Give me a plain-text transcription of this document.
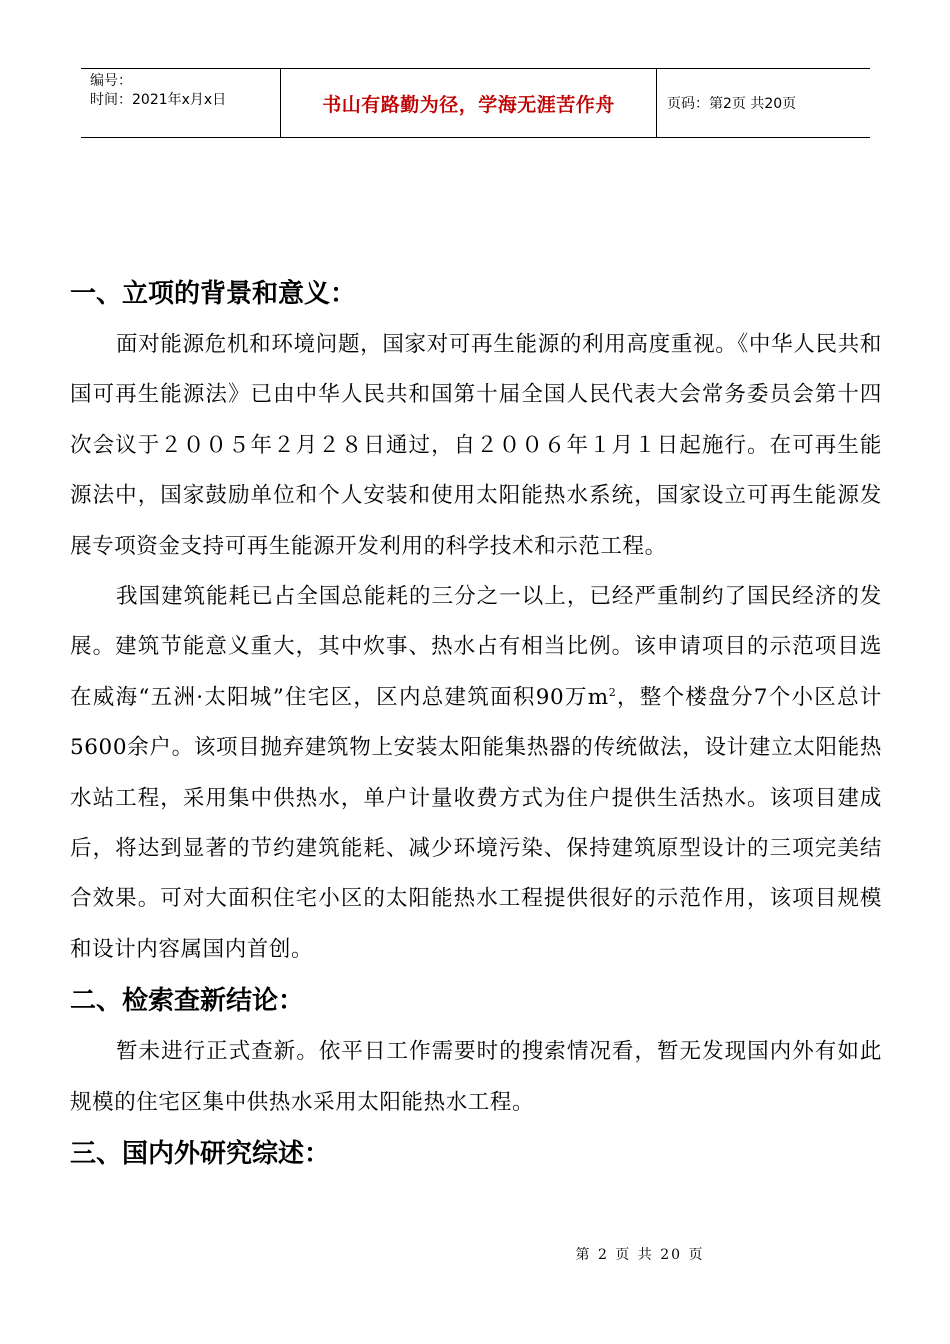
编号：
时间：2021年x月x日	书山有路勤为径，学海无涯苦作舟	页码：第2页 共20页
一、立项的背景和意义：

面对能源危机和环境问题，国家对可再生能源的利用高度重视。《中华人民共和国可再生能源法》已由中华人民共和国第十届全国人民代表大会常务委员会第十四次会议于２００５年２月２８日通过，自２００６年１月１日起施行。在可再生能源法中，国家鼓励单位和个人安装和使用太阳能热水系统，国家设立可再生能源发展专项资金支持可再生能源开发利用的科学技术和示范工程。

我国建筑能耗已占全国总能耗的三分之一以上，已经严重制约了国民经济的发展。建筑节能意义重大，其中炊事、热水占有相当比例。该申请项目的示范项目选在威海“五洲·太阳城”住宅区，区内总建筑面积90万$m^2$，整个楼盘分7个小区总计5600余户。该项目抛弃建筑物上安装太阳能集热器的传统做法，设计建立太阳能热水站工程，采用集中供热水，单户计量收费方式为住户提供生活热水。该项目建成后，将达到显著的节约建筑能耗、减少环境污染、保持建筑原型设计的三项完美结合效果。可对大面积住宅小区的太阳能热水工程提供很好的示范作用，该项目规模和设计内容属国内首创。

二、检索查新结论：

暂未进行正式查新。依平日工作需要时的搜索情况看，暂无发现国内外有如此规模的住宅区集中供热水采用太阳能热水工程。

三、国内外研究综述：
第 2 页 共 20 页
